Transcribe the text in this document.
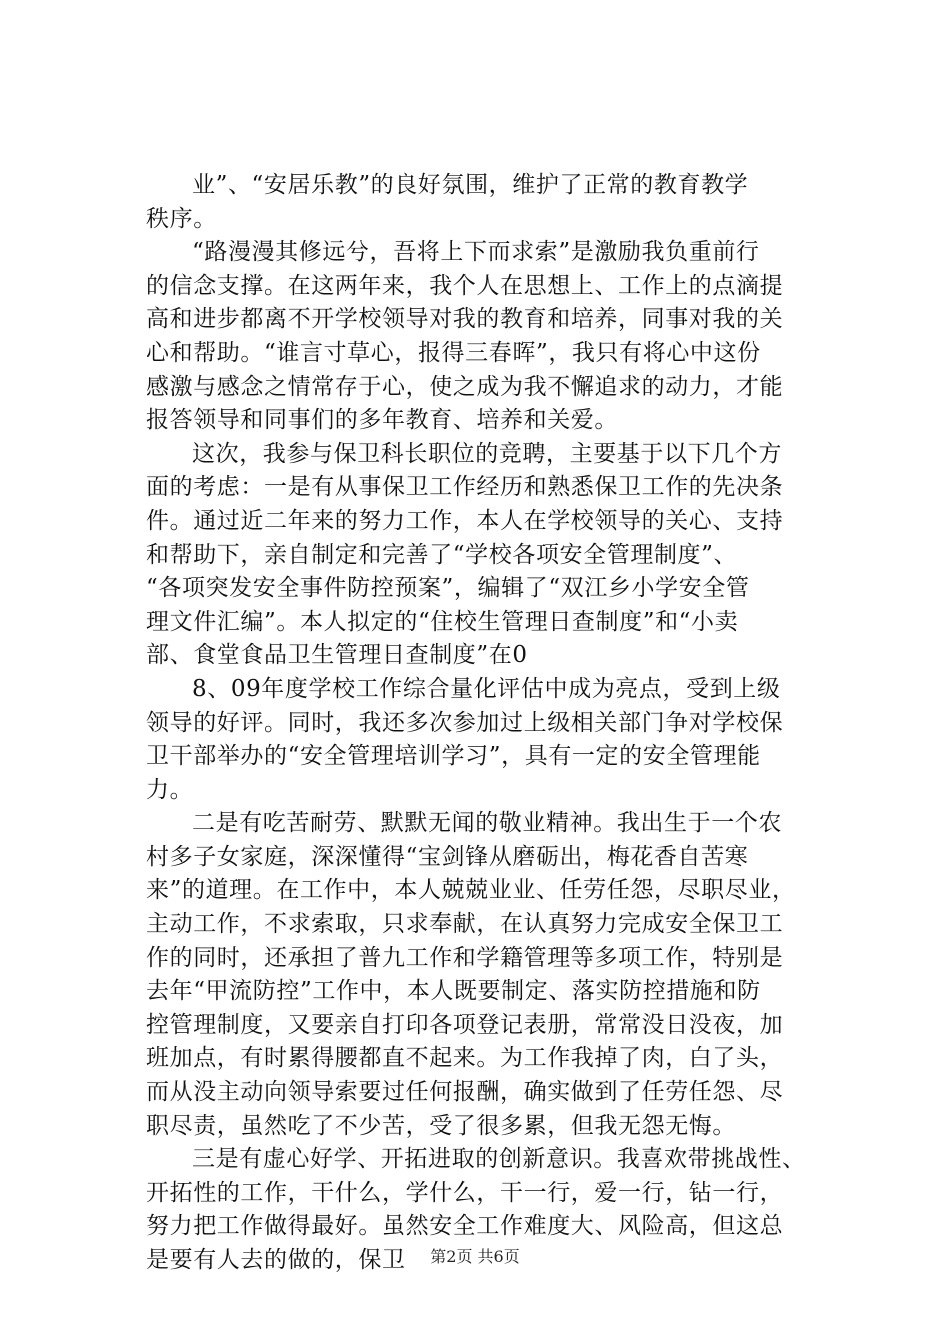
业”、“安居乐教”的良好氛围，维护了正常的教育教学
秩序。
“路漫漫其修远兮，吾将上下而求索”是激励我负重前行
的信念支撑。在这两年来，我个人在思想上、工作上的点滴提
高和进步都离不开学校领导对我的教育和培养，同事对我的关
心和帮助。“谁言寸草心，报得三春晖”，我只有将心中这份
感激与感念之情常存于心，使之成为我不懈追求的动力，才能
报答领导和同事们的多年教育、培养和关爱。
这次，我参与保卫科长职位的竞聘，主要基于以下几个方
面的考虑：一是有从事保卫工作经历和熟悉保卫工作的先决条
件。通过近二年来的努力工作，本人在学校领导的关心、支持
和帮助下，亲自制定和完善了“学校各项安全管理制度”、
“各项突发安全事件防控预案”，编辑了“双江乡小学安全管
理文件汇编”。本人拟定的“住校生管理日查制度”和“小卖
部、食堂食品卫生管理日查制度”在0
8、09年度学校工作综合量化评估中成为亮点，受到上级
领导的好评。同时，我还多次参加过上级相关部门争对学校保
卫干部举办的“安全管理培训学习”，具有一定的安全管理能
力。
二是有吃苦耐劳、默默无闻的敬业精神。我出生于一个农
村多子女家庭，深深懂得“宝剑锋从磨砺出，梅花香自苦寒
来”的道理。在工作中，本人兢兢业业、任劳任怨，尽职尽业，
主动工作，不求索取，只求奉献，在认真努力完成安全保卫工
作的同时，还承担了普九工作和学籍管理等多项工作，特别是
去年“甲流防控”工作中，本人既要制定、落实防控措施和防
控管理制度，又要亲自打印各项登记表册，常常没日没夜，加
班加点，有时累得腰都直不起来。为工作我掉了肉，白了头，
而从没主动向领导索要过任何报酬，确实做到了任劳任怨、尽
职尽责，虽然吃了不少苦，受了很多累，但我无怨无悔。
三是有虚心好学、开拓进取的创新意识。我喜欢带挑战性、
开拓性的工作，干什么，学什么，干一行，爱一行，钻一行，
努力把工作做得最好。虽然安全工作难度大、风险高，但这总
是要有人去的做的，保卫	第2页 共6页
